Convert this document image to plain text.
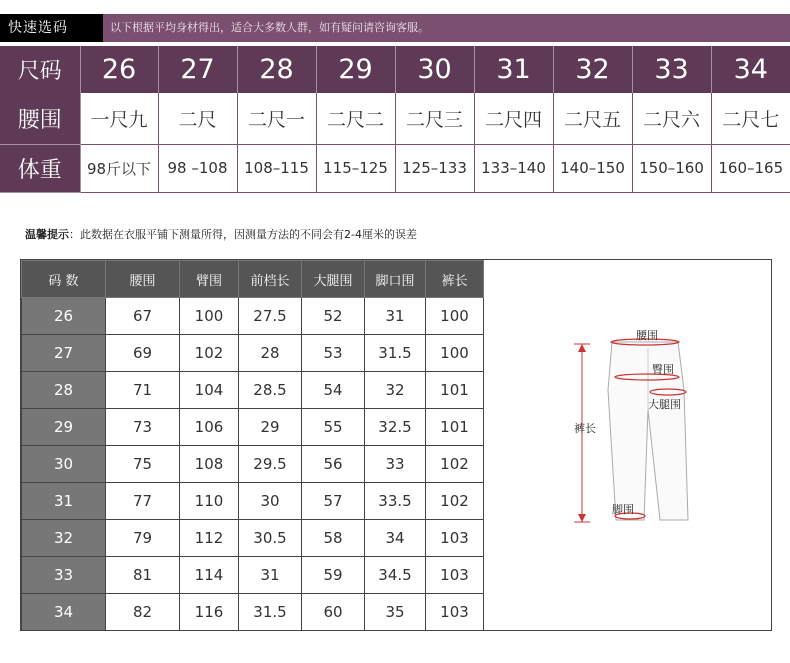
快速选码	以下根据平均身材得出，适合大多数人群，如有疑问请咨询客服。
尺码	26	27	28	29	30	31	32	33	34
腰围	一尺九	二尺	二尺一	二尺二	二尺三	二尺四	二尺五	二尺六	二尺七
体重	98斤以下	98 –108	108–115	115–125	125–133	133–140	140–150	150–160	160–165
温馨提示：此数据在衣服平铺下测量所得，因测量方法的不同会有2-4厘米的误差
码 数	腰围	臂围	前档长	大腿围	脚口围	裤长
26	67	100	27.5	52	31	100
27	69	102	28	53	31.5	100
28	71	104	28.5	54	32	101
29	73	106	29	55	32.5	101
30	75	108	29.5	56	33	102
31	77	110	30	57	33.5	102
32	79	112	30.5	58	34	103
33	81	114	31	59	34.5	103
34	82	116	31.5	60	35	103
腰围
臀围
大腿围
裤长
脚围
